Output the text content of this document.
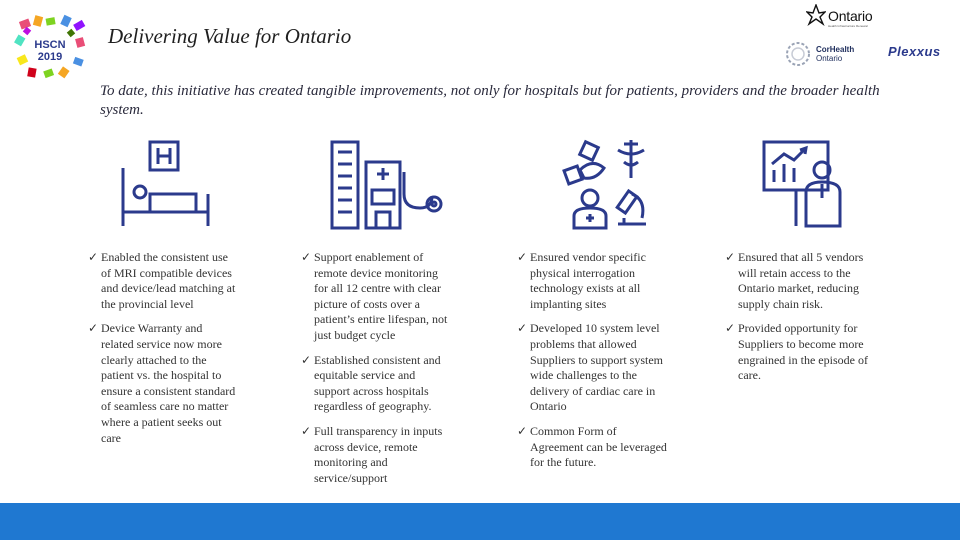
HSCN
2019
Delivering Value for Ontario
Ontario
Health Infrastructure Renewal
CorHealth
Ontario	Plexxus
To date, this initiative has created tangible improvements, not only for hospitals but for patients, providers and the broader health system.
✓ Enabled the consistent use of MRI compatible devices and device/lead matching at the provincial level
✓ Device Warranty and related service now more clearly attached to the patient vs. the hospital to ensure a consistent standard of seamless care no matter where a patient seeks out care
✓ Support enablement of remote device monitoring for all 12 centre with clear picture of costs over a patient’s entire lifespan, not just budget cycle
✓ Established consistent and equitable service and support across hospitals regardless of geography.
✓ Full transparency in inputs across device, remote monitoring and service/support
✓ Ensured vendor specific physical interrogation technology exists at all implanting sites
✓ Developed 10 system level problems that allowed Suppliers to support system wide challenges to the delivery of cardiac care in Ontario
✓ Common Form of Agreement can be leveraged for the future.
✓ Ensured that all 5 vendors will retain access to the Ontario market, reducing supply chain risk.
✓ Provided opportunity for Suppliers to become more engrained in the episode of care.
